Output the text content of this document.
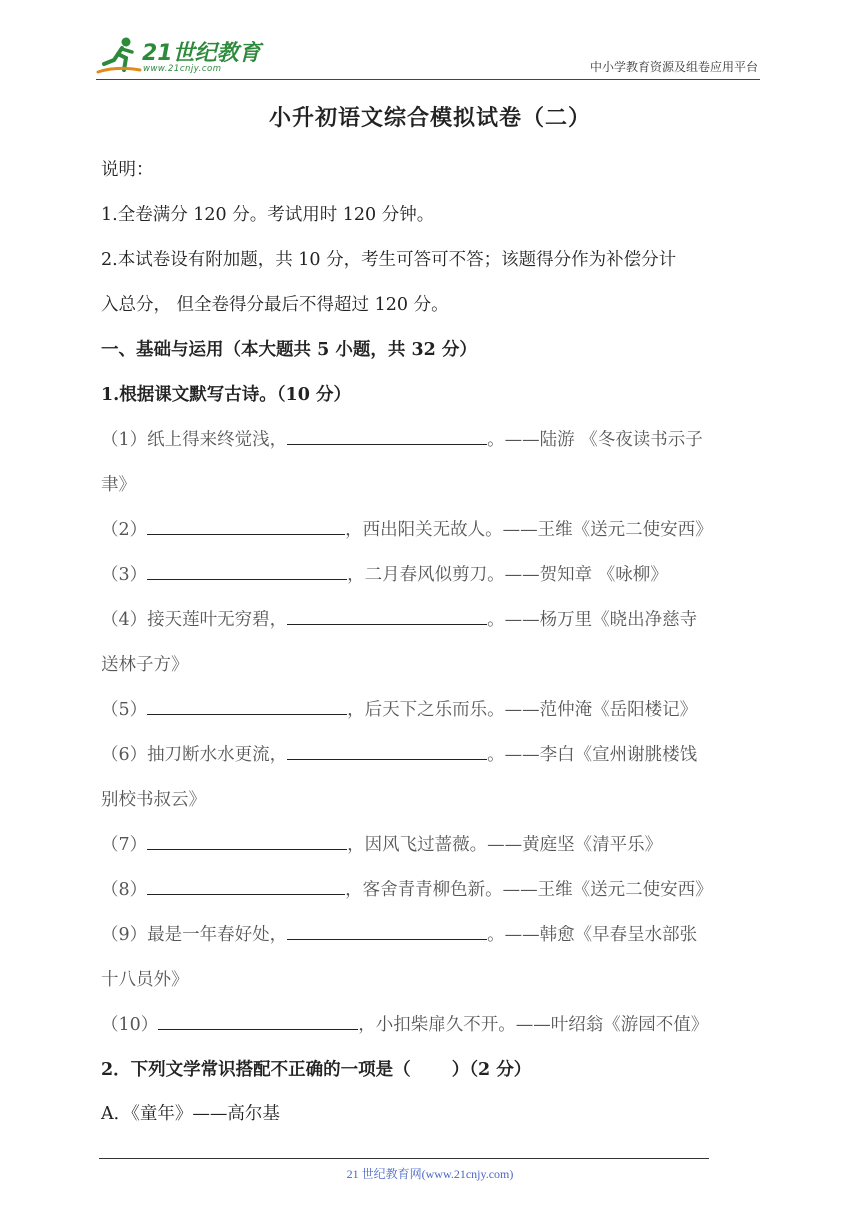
21世纪教育
www.21cnjy.com	中小学教育资源及组卷应用平台
小升初语文综合模拟试卷（二）
说明：
1.全卷满分 120 分。考试用时 120 分钟。
2.本试卷设有附加题，共 10 分，考生可答可不答；该题得分作为补偿分计
入总分， 但全卷得分最后不得超过 120 分。
一、基础与运用（本大题共 5 小题，共 32 分）
1.根据课文默写古诗。（10 分）
（1）纸上得来终觉浅，	。——陆游 《冬夜读书示子
聿》
（2）	，西出阳关无故人。——王维《送元二使安西》
（3）	，二月春风似剪刀。——贺知章 《咏柳》
（4）接天莲叶无穷碧，	。——杨万里《晓出净慈寺
送林子方》
（5）	，后天下之乐而乐。——范仲淹《岳阳楼记》
（6）抽刀断水水更流，	。——李白《宣州谢朓楼饯
别校书叔云》
（7）	，因风飞过蔷薇。——黄庭坚《清平乐》
（8）	，客舍青青柳色新。——王维《送元二使安西》
（9）最是一年春好处，	。——韩愈《早春呈水部张
十八员外》
（10）	，小扣柴扉久不开。——叶绍翁《游园不值》
2．下列文学常识搭配不正确的一项是（　　 ）（2 分）
A．《童年》——高尔基
21 世纪教育网(www.21cnjy.com)
